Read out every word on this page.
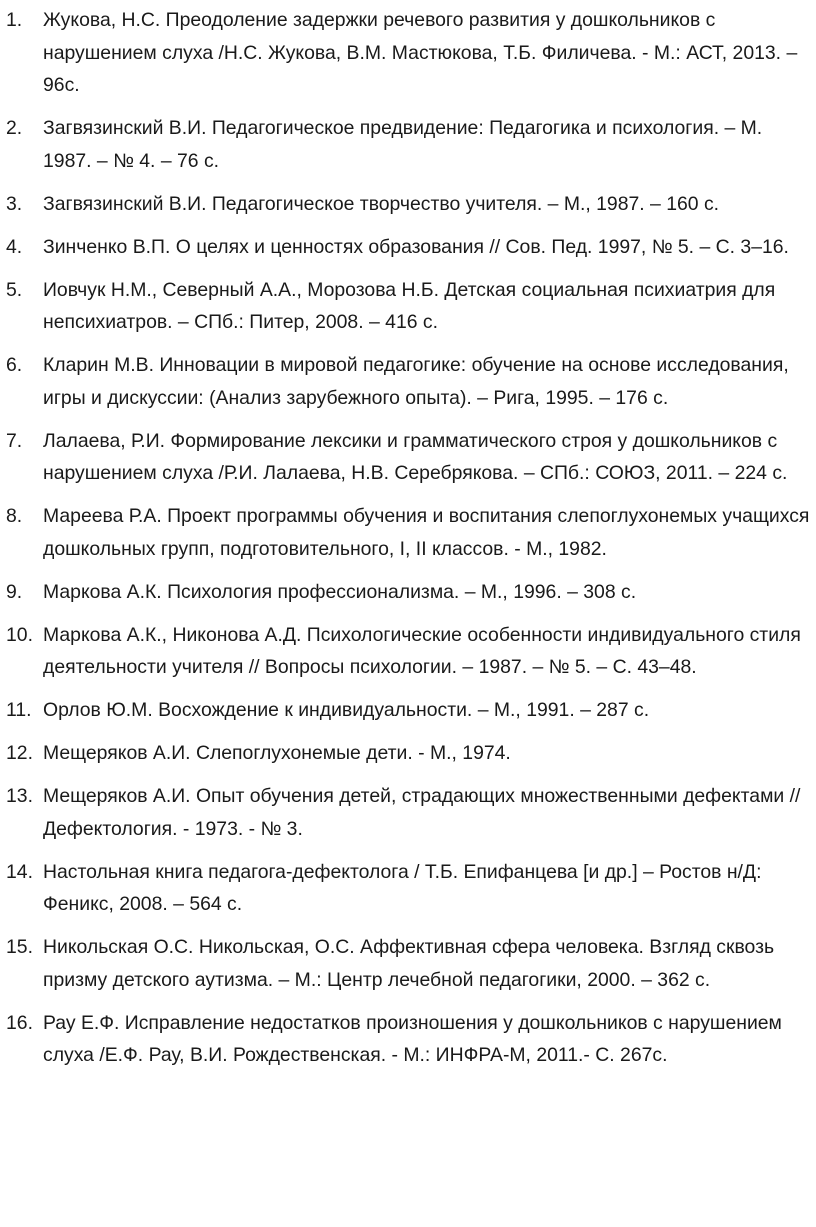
1.	Жукова, Н.С. Преодоление задержки речевого развития у дошкольников с нарушением слуха /Н.С. Жукова, В.М. Мастюкова, Т.Б. Филичева. - М.: АСТ, 2013. –96с.
2.	Загвязинский В.И. Педагогическое предвидение: Педагогика и психология. – М. 1987. – № 4. – 76 с.
3.	Загвязинский В.И. Педагогическое творчество учителя. – М., 1987. – 160 с.
4.	Зинченко В.П. О целях и ценностях образования // Сов. Пед. 1997, № 5. – С. 3–16.
5.	Иовчук Н.М., Северный А.А., Морозова Н.Б. Детская социальная психиатрия для непсихиатров. – СПб.: Питер, 2008. – 416 с.
6.	Кларин М.В. Инновации в мировой педагогике: обучение на основе исследования, игры и дискуссии: (Анализ зарубежного опыта). – Рига, 1995. – 176 с.
7.	Лалаева, Р.И. Формирование лексики и грамматического строя у дошкольников с нарушением слуха /Р.И. Лалаева, Н.В. Серебрякова. – СПб.: СОЮЗ, 2011. – 224 с.
8.	Мареева Р.А. Проект программы обучения и воспитания слепоглухонемых учащихся дошкольных групп, подготовительного, I, II классов. - М., 1982.
9.	Маркова А.К. Психология профессионализма. – М., 1996. – 308 с.
10. Маркова А.К., Никонова А.Д. Психологические особенности индивидуального стиля деятельности учителя // Вопросы психологии. – 1987. – № 5. – С. 43–48.
11. Орлов Ю.М. Восхождение к индивидуальности. – М., 1991. – 287 с.
12. Мещеряков А.И. Слепоглухонемые дети. - М., 1974.
13. Мещеряков А.И. Опыт обучения детей, страдающих множественными дефектами // Дефектология. - 1973. - № 3.
14. Настольная книга педагога-дефектолога / Т.Б. Епифанцева [и др.] – Ростов н/Д: Феникс, 2008. – 564 с.
15. Никольская О.С. Никольская, О.С. Аффективная сфера человека. Взгляд сквозь призму детского аутизма. – М.: Центр лечебной педагогики, 2000. – 362 с.
16. Рау Е.Ф. Исправление недостатков произношения у дошкольников с нарушением слуха /Е.Ф. Рау, В.И. Рождественская. - М.: ИНФРА-М, 2011.- С. 267с.
